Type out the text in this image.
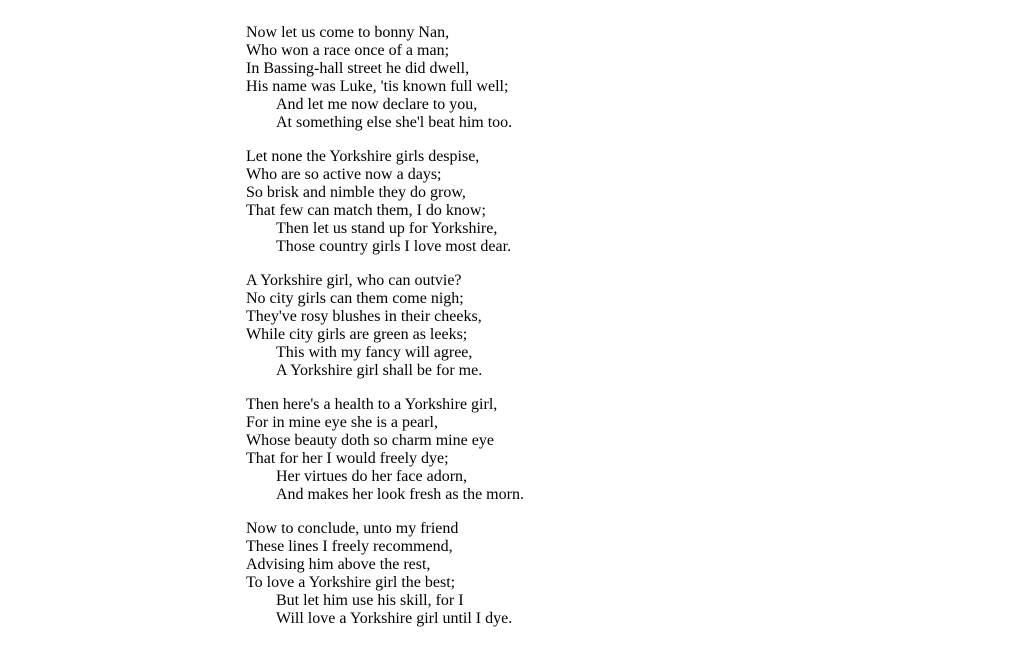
Now let us come to bonny Nan,
Who won a race once of a man;
In Bassing-hall street he did dwell,
His name was Luke, 'tis known full well;
And let me now declare to you,
At something else she'l beat him too.

Let none the Yorkshire girls despise,
Who are so active now a days;
So brisk and nimble they do grow,
That few can match them, I do know;
Then let us stand up for Yorkshire,
Those country girls I love most dear.

A Yorkshire girl, who can outvie?
No city girls can them come nigh;
They've rosy blushes in their cheeks,
While city girls are green as leeks;
This with my fancy will agree,
A Yorkshire girl shall be for me.

Then here's a health to a Yorkshire girl,
For in mine eye she is a pearl,
Whose beauty doth so charm mine eye
That for her I would freely dye;
Her virtues do her face adorn,
And makes her look fresh as the morn.

Now to conclude, unto my friend
These lines I freely recommend,
Advising him above the rest,
To love a Yorkshire girl the best;
But let him use his skill, for I
Will love a Yorkshire girl until I dye.
